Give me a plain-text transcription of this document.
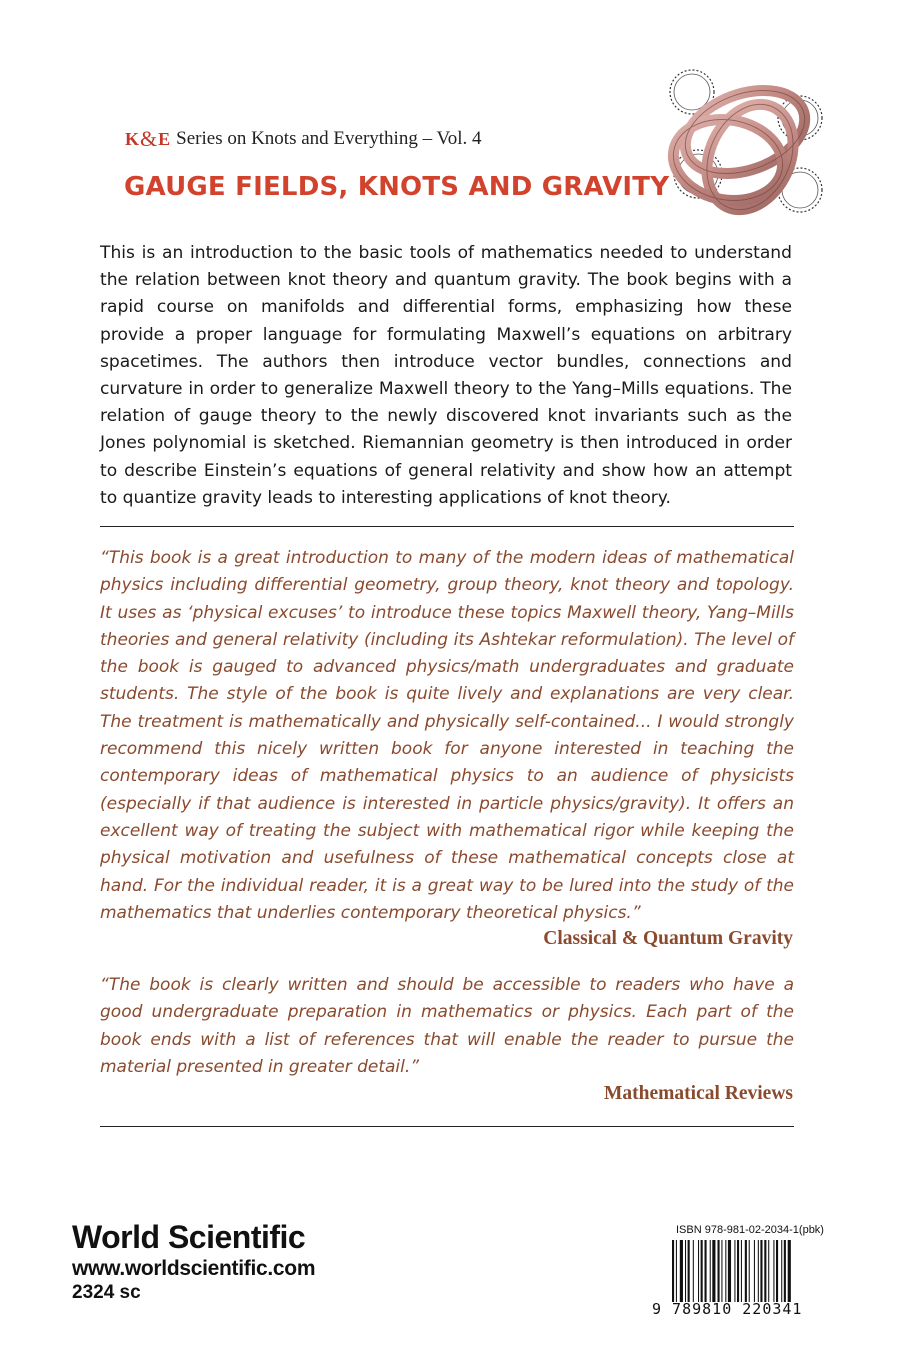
K & E Series on Knots and Everything – Vol. 4
GAUGE FIELDS, KNOTS AND GRAVITY
This is an introduction to the basic tools of mathematics needed to understand the relation between knot theory and quantum gravity. The book begins with a rapid course on manifolds and differential forms, emphasizing how these provide a proper language for formulating Maxwell’s equations on arbitrary spacetimes. The authors then introduce vector bundles, connections and curvature in order to generalize Maxwell theory to the Yang–Mills equations. The relation of gauge theory to the newly discovered knot invariants such as the Jones polynomial is sketched. Riemannian geometry is then introduced in order to describe Einstein’s equations of general relativity and show how an attempt to quantize gravity leads to interesting applications of knot theory.
“This book is a great introduction to many of the modern ideas of mathematical physics including differential geometry, group theory, knot theory and topology. It uses as ‘physical excuses’ to introduce these topics Maxwell theory, Yang–Mills theories and general relativity (including its Ashtekar reformulation). The level of the book is gauged to advanced physics/math undergraduates and graduate students. The style of the book is quite lively and explanations are very clear. The treatment is mathematically and physically self-contained... I would strongly recommend this nicely written book for anyone interested in teaching the contemporary ideas of mathematical physics to an audience of physicists (especially if that audience is interested in particle physics/gravity). It offers an excellent way of treating the subject with mathematical rigor while keeping the physical motivation and usefulness of these mathematical concepts close at hand. For the individual reader, it is a great way to be lured into the study of the mathematics that underlies contemporary theoretical physics.”
Classical & Quantum Gravity
“The book is clearly written and should be accessible to readers who have a good undergraduate preparation in mathematics or physics. Each part of the book ends with a list of references that will enable the reader to pursue the material presented in greater detail.”
Mathematical Reviews
World Scientific
www.worldscientific.com
2324 sc
ISBN 978-981-02-2034-1(pbk)
9 789810 220341
